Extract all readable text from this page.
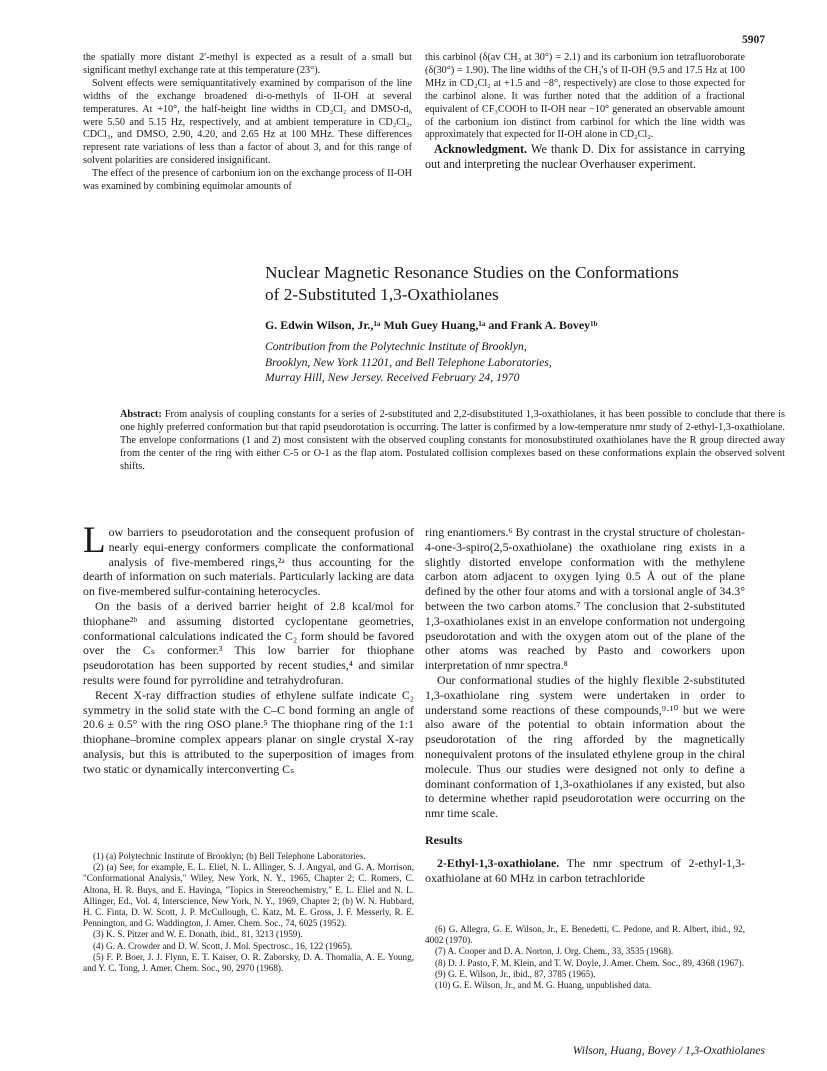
5907

the spatially more distant 2′-methyl is expected as a result of a small but significant methyl exchange rate at this temperature (23°).

Solvent effects were semiquantitatively examined by comparison of the line widths of the exchange broadened di-o-methyls of II-OH at several temperatures. At +10°, the half-height line widths in CD₂Cl₂ and DMSO-d₆ were 5.50 and 5.15 Hz, respectively, and at ambient temperature in CD₂Cl₂, CDCl₃, and DMSO, 2.90, 4.20, and 2.65 Hz at 100 MHz. These differences represent rate variations of less than a factor of about 3, and for this range of solvent polarities are considered insignificant.

The effect of the presence of carbonium ion on the exchange process of II-OH was examined by combining equimolar amounts of

this carbinol (δ(av CH₃ at 30°) = 2.1) and its carbonium ion tetrafluoroborate (δ(30°) = 1.90). The line widths of the CH₃'s of II-OH (9.5 and 17.5 Hz at 100 MHz in CD₂Cl₂ at +1.5 and −8°, respectively) are close to those expected for the carbinol alone. It was further noted that the addition of a fractional equivalent of CF₃COOH to II-OH near −10° generated an observable amount of the carbonium ion distinct from carbinol for which the line width was approximately that expected for II-OH alone in CD₂Cl₂.

Acknowledgment. We thank D. Dix for assistance in carrying out and interpreting the nuclear Overhauser experiment.

Nuclear Magnetic Resonance Studies on the Conformations
of 2-Substituted 1,3-Oxathiolanes
G. Edwin Wilson, Jr.,¹ᵃ Muh Guey Huang,¹ᵃ and Frank A. Bovey¹ᵇ
Contribution from the Polytechnic Institute of Brooklyn,
Brooklyn, New York 11201, and Bell Telephone Laboratories,
Murray Hill, New Jersey. Received February 24, 1970
Abstract: From analysis of coupling constants for a series of 2-substituted and 2,2-disubstituted 1,3-oxathiolanes, it has been possible to conclude that there is one highly preferred conformation but that rapid pseudorotation is occurring. The latter is confirmed by a low-temperature nmr study of 2-ethyl-1,3-oxathiolane. The envelope conformations (1 and 2) most consistent with the observed coupling constants for monosubstituted oxathiolanes have the R group directed away from the center of the ring with either C-5 or O-1 as the flap atom. Postulated collision complexes based on these conformations explain the observed solvent shifts.

Low barriers to pseudorotation and the consequent profusion of nearly equi-energy conformers complicate the conformational analysis of five-membered rings,²ᵃ thus accounting for the dearth of information on such materials. Particularly lacking are data on five-membered sulfur-containing heterocycles.

On the basis of a derived barrier height of 2.8 kcal/mol for thiophane²ᵇ and assuming distorted cyclopentane geometries, conformational calculations indicated the C₂ form should be favored over the Cₛ conformer.³ This low barrier for thiophane pseudorotation has been supported by recent studies,⁴ and similar results were found for pyrrolidine and tetrahydrofuran.

Recent X-ray diffraction studies of ethylene sulfate indicate C₂ symmetry in the solid state with the C–C bond forming an angle of 20.6 ± 0.5° with the ring OSO plane.⁵ The thiophane ring of the 1:1 thiophane–bromine complex appears planar on single crystal X-ray analysis, but this is attributed to the superposition of images from two static or dynamically interconverting Cₛ

(1) (a) Polytechnic Institute of Brooklyn; (b) Bell Telephone Laboratories.

(2) (a) See, for example, E. L. Eliel, N. L. Allinger, S. J. Angyal, and G. A. Morrison, "Conformational Analysis," Wiley, New York, N. Y., 1965, Chapter 2; C. Romers, C. Altona, H. R. Buys, and E. Havinga, "Topics in Stereochemistry," E. L. Eliel and N. L. Allinger, Ed., Vol. 4, Interscience, New York, N. Y., 1969, Chapter 2; (b) W. N. Hubbard, H. C. Finta, D. W. Scott, J. P. McCullough, C. Katz, M. E. Gross, J. F. Messerly, R. E. Pennington, and G. Waddington, J. Amer. Chem. Soc., 74, 6025 (1952).

(3) K. S. Pitzer and W. E. Donath, ibid., 81, 3213 (1959).

(4) G. A. Crowder and D. W. Scott, J. Mol. Spectrosc., 16, 122 (1965).

(5) F. P. Boer, J. J. Flynn, E. T. Kaiser, O. R. Zaborsky, D. A. Thomalia, A. E. Young, and Y. C. Tong, J. Amer. Chem. Soc., 90, 2970 (1968).

ring enantiomers.⁶ By contrast in the crystal structure of cholestan-4-one-3-spiro(2,5-oxathiolane) the oxathiolane ring exists in a slightly distorted envelope conformation with the methylene carbon atom adjacent to oxygen lying 0.5 Å out of the plane defined by the other four atoms and with a torsional angle of 34.3° between the two carbon atoms.⁷ The conclusion that 2-substituted 1,3-oxathiolanes exist in an envelope conformation not undergoing pseudorotation and with the oxygen atom out of the plane of the other atoms was reached by Pasto and coworkers upon interpretation of nmr spectra.⁸

Our conformational studies of the highly flexible 2-substituted 1,3-oxathiolane ring system were undertaken in order to understand some reactions of these compounds,⁹·¹⁰ but we were also aware of the potential to obtain information about the pseudorotation of the ring afforded by the magnetically nonequivalent protons of the insulated ethylene group in the chiral molecule. Thus our studies were designed not only to define a dominant conformation of 1,3-oxathiolanes if any existed, but also to determine whether rapid pseudorotation were occurring on the nmr time scale.

Results

2-Ethyl-1,3-oxathiolane. The nmr spectrum of 2-ethyl-1,3-oxathiolane at 60 MHz in carbon tetrachloride

(6) G. Allegra, G. E. Wilson, Jr., E. Benedetti, C. Pedone, and R. Albert, ibid., 92, 4002 (1970).

(7) A. Cooper and D. A. Norton, J. Org. Chem., 33, 3535 (1968).

(8) D. J. Pasto, F. M. Klein, and T. W. Doyle, J. Amer. Chem. Soc., 89, 4368 (1967).

(9) G. E. Wilson, Jr., ibid., 87, 3785 (1965).

(10) G. E. Wilson, Jr., and M. G. Huang, unpublished data.

Wilson, Huang, Bovey / 1,3-Oxathiolanes
